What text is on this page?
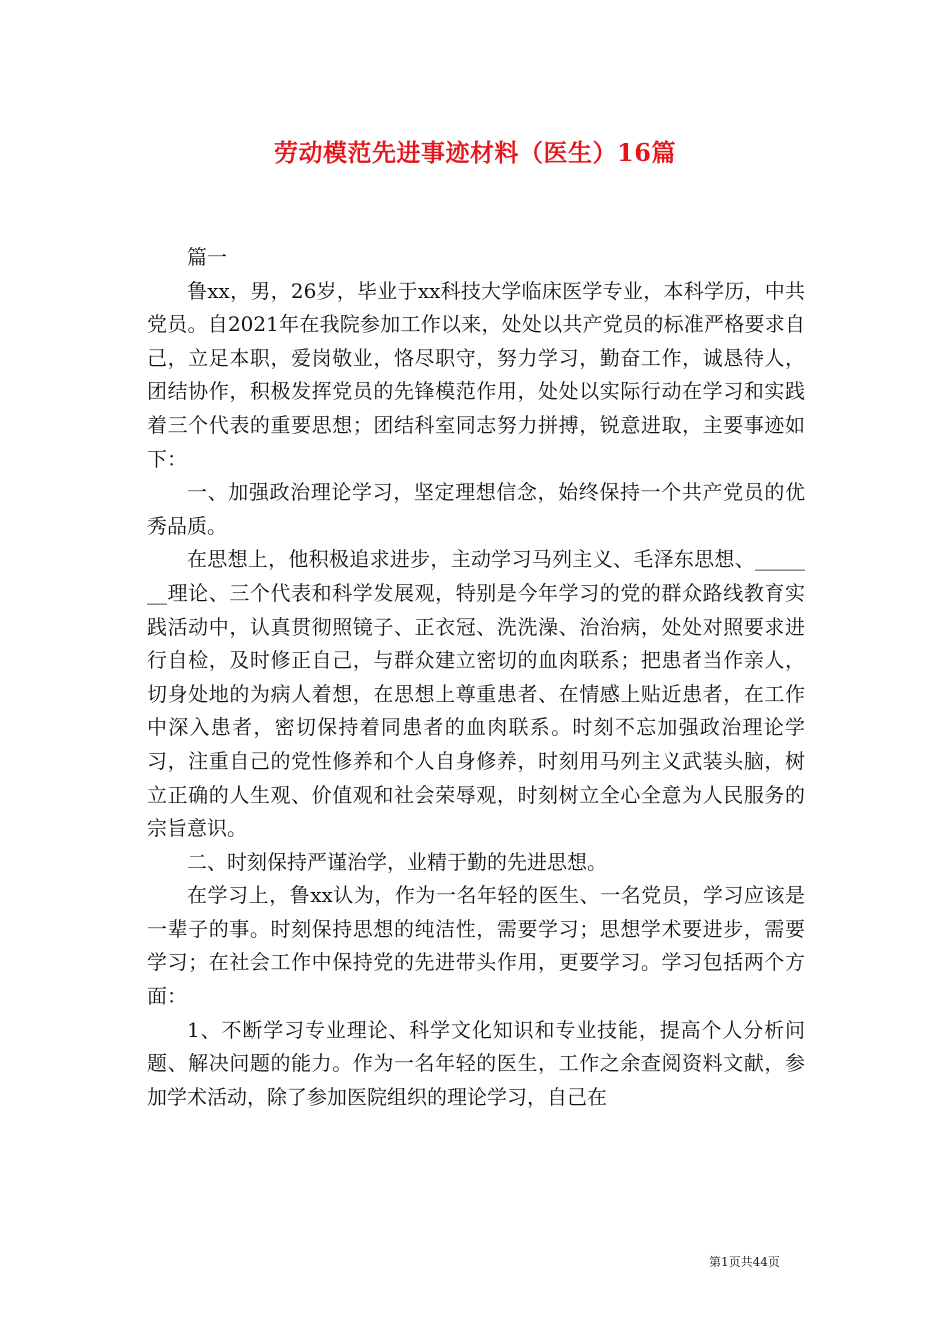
劳动模范先进事迹材料（医生）16篇

篇一

鲁xx，男，26岁，毕业于xx科技大学临床医学专业，本科学历，中共党员。自2021年在我院参加工作以来，处处以共产党员的标准严格要求自己，立足本职，爱岗敬业，恪尽职守，努力学习，勤奋工作，诚恳待人，团结协作，积极发挥党员的先锋模范作用，处处以实际行动在学习和实践着三个代表的重要思想；团结科室同志努力拼搏，锐意进取，主要事迹如下：

一、加强政治理论学习，坚定理想信念，始终保持一个共产党员的优秀品质。

在思想上，他积极追求进步，主动学习马列主义、毛泽东思想、_______理论、三个代表和科学发展观，特别是今年学习的党的群众路线教育实践活动中，认真贯彻照镜子、正衣冠、洗洗澡、治治病，处处对照要求进行自检，及时修正自己，与群众建立密切的血肉联系；把患者当作亲人，切身处地的为病人着想，在思想上尊重患者、在情感上贴近患者，在工作中深入患者，密切保持着同患者的血肉联系。时刻不忘加强政治理论学习，注重自己的党性修养和个人自身修养，时刻用马列主义武装头脑，树立正确的人生观、价值观和社会荣辱观，时刻树立全心全意为人民服务的宗旨意识。

二、时刻保持严谨治学，业精于勤的先进思想。

在学习上，鲁xx认为，作为一名年轻的医生、一名党员，学习应该是一辈子的事。时刻保持思想的纯洁性，需要学习；思想学术要进步，需要学习；在社会工作中保持党的先进带头作用，更要学习。学习包括两个方面：

1、不断学习专业理论、科学文化知识和专业技能，提高个人分析问题、解决问题的能力。作为一名年轻的医生，工作之余查阅资料文献，参加学术活动，除了参加医院组织的理论学习，自己在

第1页共44页
